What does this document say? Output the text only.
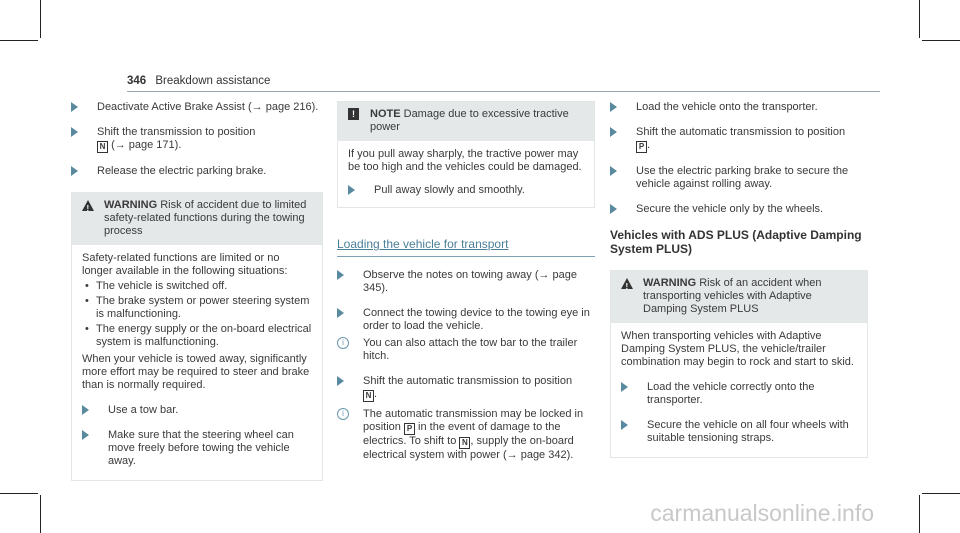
346 Breakdown assistance
Deactivate Active Brake Assist (→ page 216).
Shift the transmission to position
N (→ page 171).
Release the electric parking brake.
!	WARNING Risk of accident due to limited safety-related functions during the towing process
Safety-related functions are limited or no longer available in the following situations:
• The vehicle is switched off.
• The brake system or power steering system is malfunctioning.
• The energy supply or the on-board electrical system is malfunctioning.
When your vehicle is towed away, significantly more effort may be required to steer and brake than is normally required.
Use a tow bar.
Make sure that the steering wheel can move freely before towing the vehicle away.
!	NOTE Damage due to excessive tractive power
If you pull away sharply, the tractive power may be too high and the vehicles could be damaged.
Pull away slowly and smoothly.
Loading the vehicle for transport
Observe the notes on towing away (→ page 345).
Connect the towing device to the towing eye in order to load the vehicle.
i	You can also attach the tow bar to the trailer hitch.
Shift the automatic transmission to position
N .
i	The automatic transmission may be locked in position P in the event of damage to the electrics. To shift to N , supply the on-board electrical system with power (→ page 342).
Load the vehicle onto the transporter.
Shift the automatic transmission to position
P .
Use the electric parking brake to secure the vehicle against rolling away.
Secure the vehicle only by the wheels.
Vehicles with ADS PLUS (Adaptive Damping System PLUS)
!	WARNING Risk of an accident when transporting vehicles with Adaptive Damping System PLUS
When transporting vehicles with Adaptive Damping System PLUS, the vehicle/trailer combination may begin to rock and start to skid.
Load the vehicle correctly onto the transporter.
Secure the vehicle on all four wheels with suitable tensioning straps.
carmanualsonline.info
